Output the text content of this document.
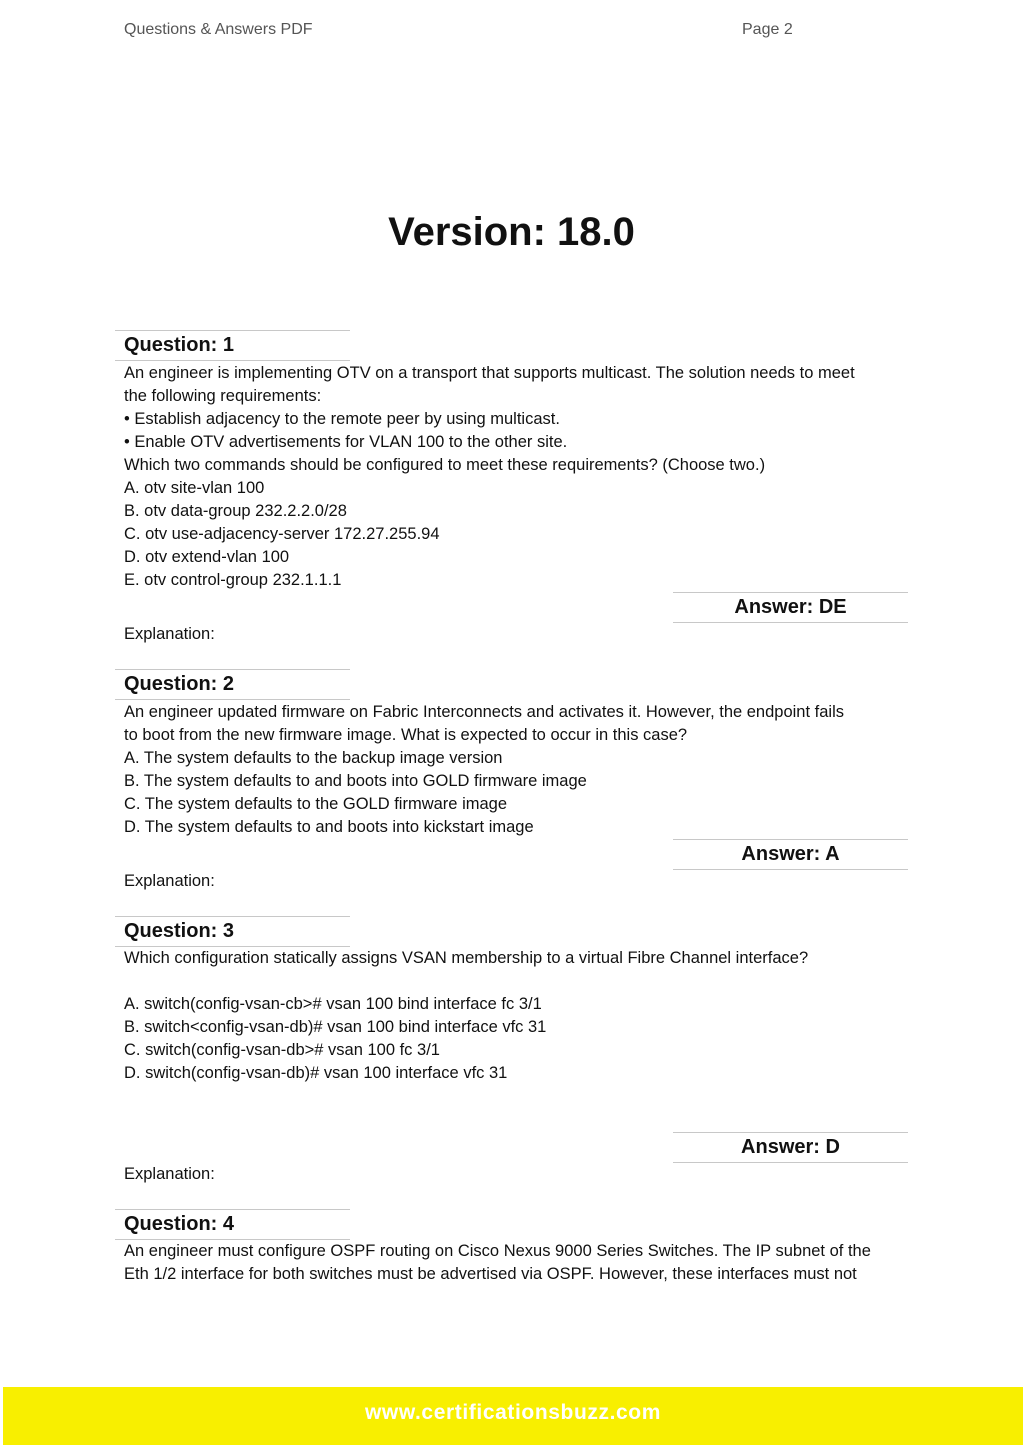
Questions & Answers PDF	Page 2
Version: 18.0
Question: 1
An engineer is implementing OTV on a transport that supports multicast. The solution needs to meet
the following requirements:
• Establish adjacency to the remote peer by using multicast.
• Enable OTV advertisements for VLAN 100 to the other site.
Which two commands should be configured to meet these requirements? (Choose two.)
A. otv site-vlan 100
B. otv data-group 232.2.2.0/28
C. otv use-adjacency-server 172.27.255.94
D. otv extend-vlan 100
E. otv control-group 232.1.1.1
Answer: DE
Explanation:
Question: 2
An engineer updated firmware on Fabric Interconnects and activates it. However, the endpoint fails
to boot from the new firmware image. What is expected to occur in this case?
A. The system defaults to the backup image version
B. The system defaults to and boots into GOLD firmware image
C. The system defaults to the GOLD firmware image
D. The system defaults to and boots into kickstart image
Answer: A
Explanation:
Question: 3
Which configuration statically assigns VSAN membership to a virtual Fibre Channel interface?
A. switch(config-vsan-cb># vsan 100 bind interface fc 3/1
B. switch<config-vsan-db)# vsan 100 bind interface vfc 31
C. switch(config-vsan-db># vsan 100 fc 3/1
D. switch(config-vsan-db)# vsan 100 interface vfc 31
Answer: D
Explanation:
Question: 4
An engineer must configure OSPF routing on Cisco Nexus 9000 Series Switches. The IP subnet of the
Eth 1/2 interface for both switches must be advertised via OSPF. However, these interfaces must not
www.certificationsbuzz.com
